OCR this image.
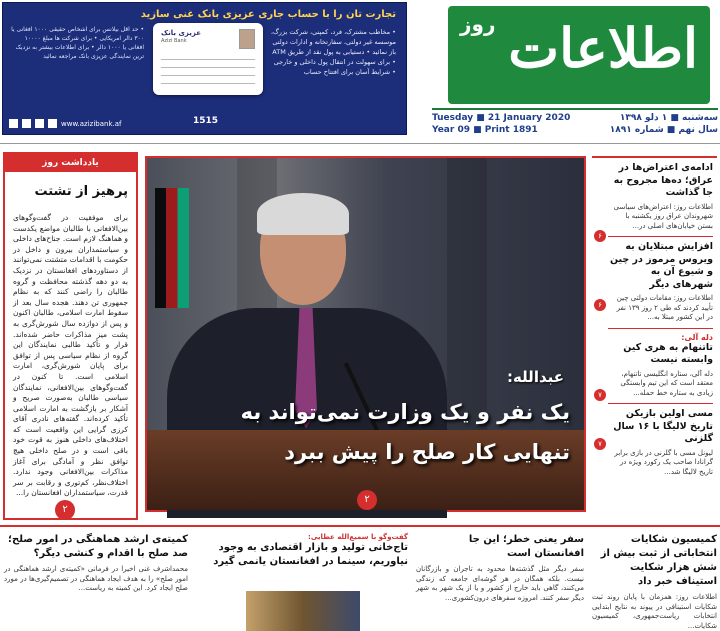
تجارت تان را با حساب جاری عزیزی بانک غنی سازید
• مخاطب مشترک، فرد، کمپنی، شرکت بزرگ، موسسه غیر دولتی، سفارتخانه و ادارات دولتی باز نمائید • دستیابی به پول نقد از طریق ATM • برای سهولت در انتقال پول داخلی و خارجی • شرایط آسان برای افتتاح حساب
• حد اقل بیلانس برای اشخاص حقیقی ۱۰۰۰ افغانی یا ۳۰۰ دالر امریکایی • برای شرکت ها مبلغ ۱۰۰۰۰ افغانی یا ۱۰۰۰ دالر • برای اطلاعات بیشتر به نزدیک ترین نمایندگی عزیزی بانک مراجعه نمائید
عزیزی بانک
Azizi Bank
f	in	t	▶ www.azizibank.af	1515
اطلاعات
روز
Tuesday ■ 21 January 2020
Year 09 ■ Print 1891
سه‌شنبه ■ ۱ دلو ۱۳۹۸
سال نهم ■ شماره ۱۸۹۱
یادداشت روز
پرهیز از تشتت
برای موفقیت در گفت‌وگوهای بین‌الافغانی با طالبان مواضع یکدست و هماهنگ لازم است. جناح‌های داخلی و سیاستمداران بیرون و داخل در حکومت با اقدامات متشتت نمی‌توانند از دستاوردهای افغانستان در نزدیک به دو دهه گذشته محافظت و گروه طالبان را راضی کنند که به نظام جمهوری تن دهند. هجده سال بعد از سقوط امارت اسلامی، طالبان اکنون و پس از دوازده سال شورش‌گری به پشت میز مذاکرات حاضر شده‌اند. قرار و تأکید طالبی نمایندگان این گروه از نظام سیاسی پس از توافق برای پایان شورش‌گری، امارت اسلامی است. تا کنون در گفت‌وگوهای بین‌الافغانی، نمایندگان سیاسی طالبان به‌صورت صریح و آشکار بر بازگشت به امارت اسلامی تأکید کرده‌اند. گفته‌های نادری آقای کرزی گرایی این واقعیت است که اختلاف‌های داخلی هنوز به قوت خود باقی است و در صلح داخلی هیچ توافق نظر و آمادگی برای آغاز مذاکرات بین‌الافغانی وجود ندارد. اختلاف‌نظر، کم‌توری و رقابت بر سر قدرت، سیاستمداران افغانستان را...
۲
عبدالله:
یک نفر و یک وزارت نمی‌تواند به تنهایی کار صلح را پیش ببرد
۲
ادامه‌ی اعتراض‌ها در عراق؛ ده‌ها مجروح به جا گذاشت
اطلاعات روز: اعتراض‌های سیاسی شهروندان عراق روز یکشنبه با بستن خیابان‌های اصلی در...
۶
افزایش مبتلایان به ویروس مرموز در چین و شیوع آن به شهرهای دیگر
اطلاعات روز: مقامات دولتی چین تأیید کردند که طی ۲ روز ۱۳۹ نفر در این کشور مبتلا به...
۶
دله آلی:
تاتنهام به هری کین وابسته نیست
دله آلی، ستاره انگلیسی تاتنهام، معتقد است که این تیم وابستگی زیادی به ستاره خط حمله...
۷
مسی اولین بازیکن تاریخ لالیگا با ۱۶ سال گلزنی
لیونل مسی با گلزنی در بازی برابر گرانادا صاحب یک رکورد ویژه در تاریخ لالیگا شد...
۷
کمیسیون شکایات انتخاباتی از ثبت بیش از شش هزار شکایت استیناف خبر داد
اطلاعات روز: همزمان با پایان روند ثبت شکایات استینافی در پیوند به نتایج ابتدایی انتخابات ریاست‌جمهوری، کمیسیون شکایات...
سفر یعنی خطر؛ این جا افغانستان است
سفر دیگر مثل گذشته‌ها محدود به تاجران و بازرگانان نیست. بلکه همگان در هر گوشه‌ای جامعه که زندگی می‌کنند، گاهی باید خارج از کشور و یا از یک شهر به شهر دیگر سفر کنند. امروزه سفرهای درون‌کشوری...
گفت‌وگو با سمیع‌الله عطایی:
تاج‌خانی تولید و بازار اقتصادی به وجود نیاوریم، سینما در افغانستان یانمی گیرد
کمیته‌ی ارشد هماهنگی در امور صلح؛ صد صلح با اقدام و کنشی دیگر؟
محمداشرف غنی اخیرا در فرمانی «کمیته‌ی ارشد هماهنگی در امور صلح» را به هدف ایجاد هماهنگی در تصمیم‌گیری‌ها در مورد صلح ایجاد کرد. این کمیته به ریاست...
